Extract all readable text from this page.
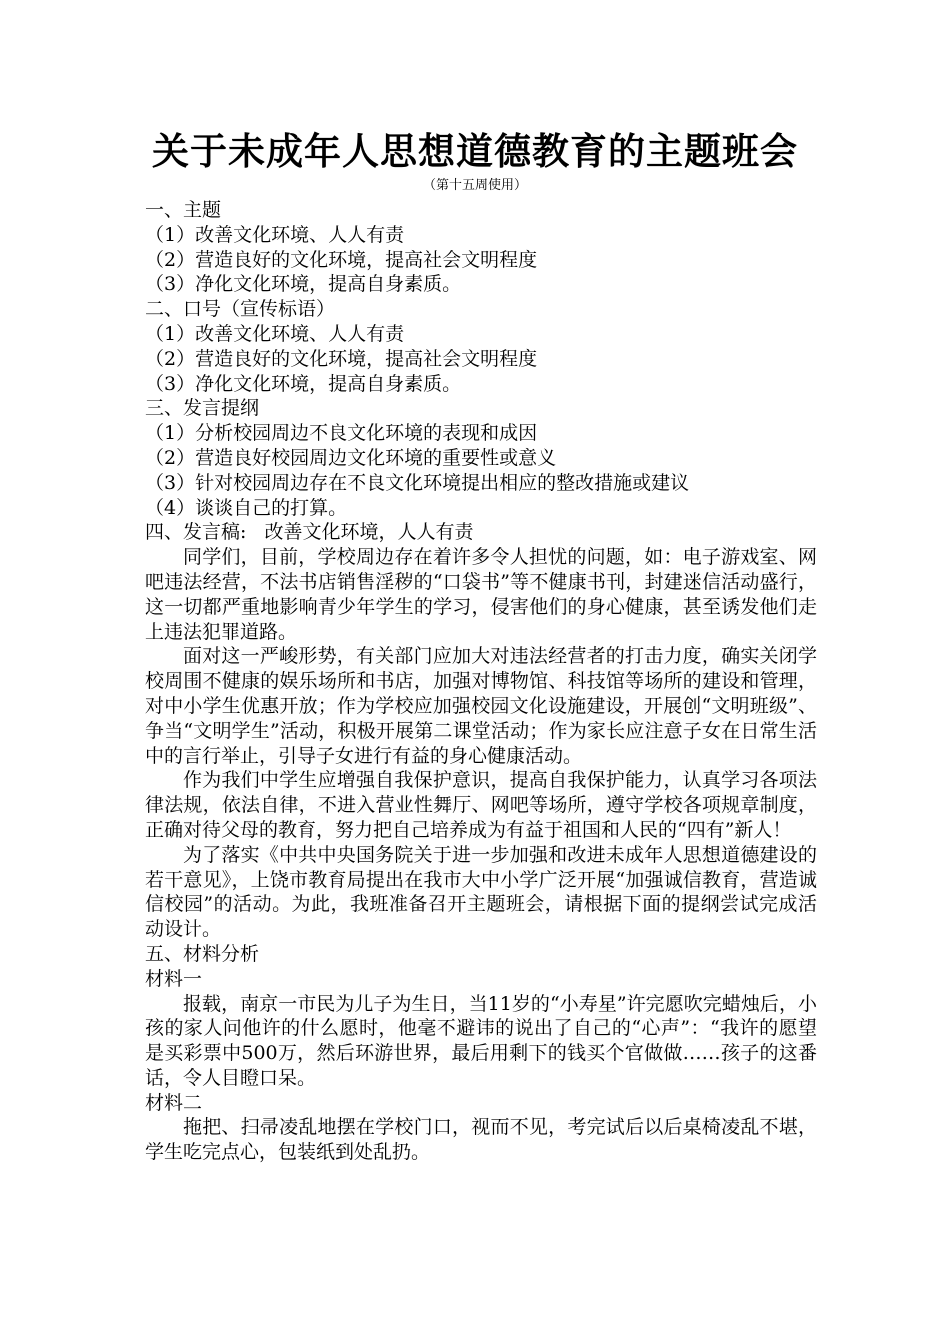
关于未成年人思想道德教育的主题班会
（第十五周使用）
一、主题
（1）改善文化环境、人人有责
（2）营造良好的文化环境，提高社会文明程度
（3）净化文化环境，提高自身素质。
二、口号（宣传标语）
（1）改善文化环境、人人有责
（2）营造良好的文化环境，提高社会文明程度
（3）净化文化环境，提高自身素质。
三、发言提纲
（1）分析校园周边不良文化环境的表现和成因
（2）营造良好校园周边文化环境的重要性或意义
（3）针对校园周边存在不良文化环境提出相应的整改措施或建议
（4）谈谈自己的打算。
四、发言稿:   改善文化环境，人人有责

同学们，目前，学校周边存在着许多令人担忧的问题，如：电子游戏室、网吧违法经营，不法书店销售淫秽的“口袋书”等不健康书刊，封建迷信活动盛行，这一切都严重地影响青少年学生的学习，侵害他们的身心健康，甚至诱发他们走上违法犯罪道路。

面对这一严峻形势，有关部门应加大对违法经营者的打击力度，确实关闭学校周围不健康的娱乐场所和书店，加强对博物馆、科技馆等场所的建设和管理，对中小学生优惠开放；作为学校应加强校园文化设施建设，开展创“文明班级”、争当“文明学生”活动，积极开展第二课堂活动；作为家长应注意子女在日常生活中的言行举止，引导子女进行有益的身心健康活动。

作为我们中学生应增强自我保护意识，提高自我保护能力，认真学习各项法律法规，依法自律，不进入营业性舞厅、网吧等场所，遵守学校各项规章制度，正确对待父母的教育，努力把自己培养成为有益于祖国和人民的“四有”新人！

为了落实《中共中央国务院关于进一步加强和改进未成年人思想道德建设的若干意见》，上饶市教育局提出在我市大中小学广泛开展“加强诚信教育，营造诚信校园”的活动。为此，我班准备召开主题班会，请根据下面的提纲尝试完成活动设计。

五、材料分析
材料一

报载，南京一市民为儿子为生日，当11岁的“小寿星”许完愿吹完蜡烛后，小孩的家人问他许的什么愿时，他毫不避讳的说出了自己的“心声”：“我许的愿望是买彩票中500万，然后环游世界，最后用剩下的钱买个官做做……孩子的这番话，令人目瞪口呆。

材料二

拖把、扫帚凌乱地摆在学校门口，视而不见，考完试后以后桌椅凌乱不堪，学生吃完点心，包装纸到处乱扔。
